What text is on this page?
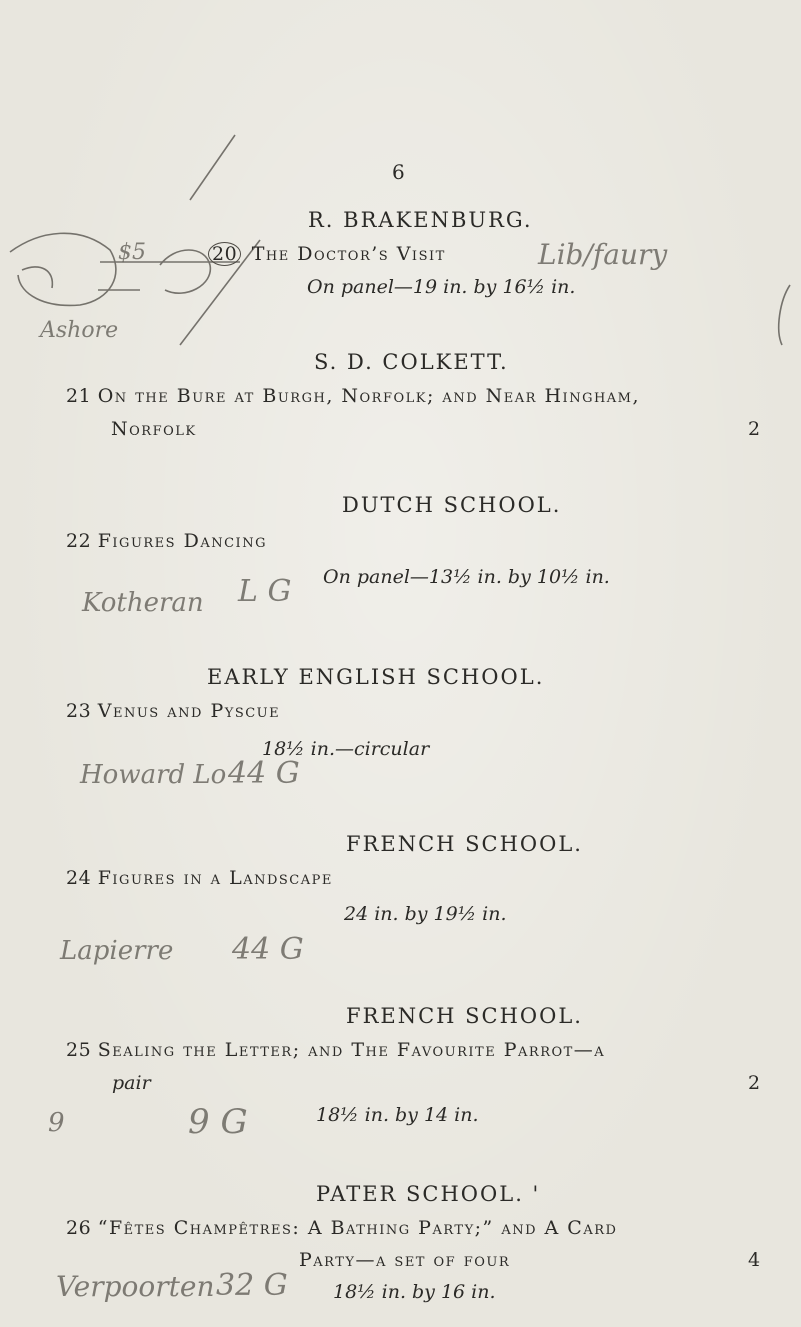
6
R. BRAKENBURG.
$5	20 The Doctor’s Visit	Lib/faury
On panel—19 in. by 16½ in.
Ashore
S. D. COLKETT.
21 On the Bure at Burgh, Norfolk; and Near Hingham,
Norfolk	2
DUTCH SCHOOL.
22 Figures Dancing
On panel—13½ in. by 10½ in.
Kotheran L G
EARLY ENGLISH SCHOOL.
23 Venus and Pyscue
18½ in.—circular
Howard Lo 44 G
FRENCH SCHOOL.
24 Figures in a Landscape
24 in. by 19½ in.
Lapierre 44 G
FRENCH SCHOOL.
25 Sealing the Letter; and The Favourite Parrot—a
pair	2
18½ in. by 14 in.
9	9 G
PATER SCHOOL. '
26 “Fêtes Champêtres: A Bathing Party;” and A Card
Party—a set of four	4
18½ in. by 16 in.
Verpoorten 32 G
